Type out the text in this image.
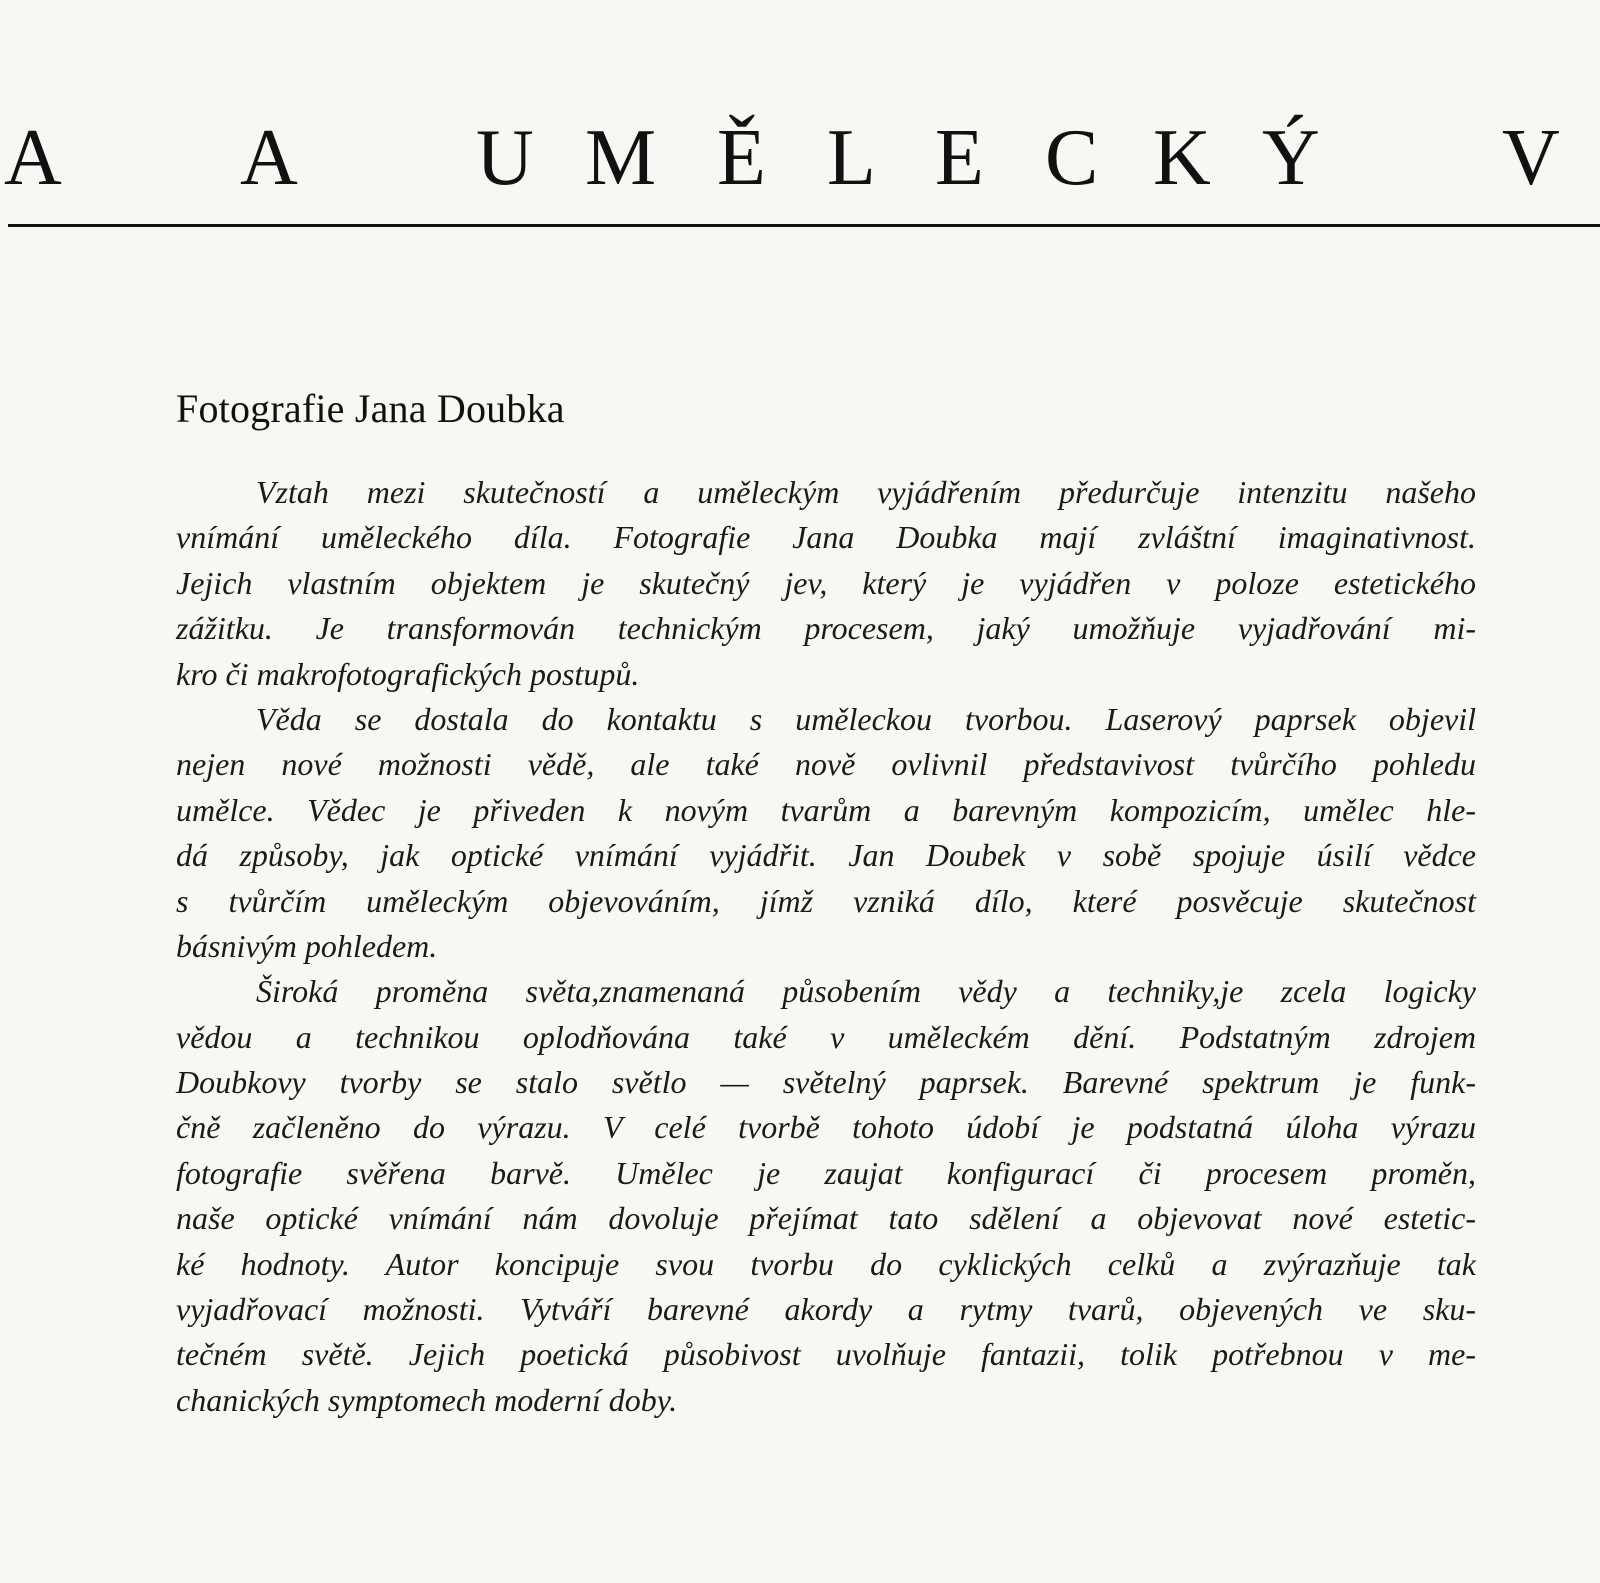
A A U M Ě L E C K Ý V
Fotografie Jana Doubka
Vztah mezi skutečností a uměleckým vyjádřením předurčuje intenzitu našeho
vnímání uměleckého díla. Fotografie Jana Doubka mají zvláštní imaginativnost.
Jejich vlastním objektem je skutečný jev, který je vyjádřen v poloze estetického
zážitku. Je transformován technickým procesem, jaký umožňuje vyjadřování mi-
kro či makrofotografických postupů.
Věda se dostala do kontaktu s uměleckou tvorbou. Laserový paprsek objevil
nejen nové možnosti vědě, ale také nově ovlivnil představivost tvůrčího pohledu
umělce. Vědec je přiveden k novým tvarům a barevným kompozicím, umělec hle-
dá způsoby, jak optické vnímání vyjádřit. Jan Doubek v sobě spojuje úsilí vědce
s tvůrčím uměleckým objevováním, jímž vzniká dílo, které posvěcuje skutečnost
básnivým pohledem.
Široká proměna světa,znamenaná působením vědy a techniky,je zcela logicky
vědou a technikou oplodňována také v uměleckém dění. Podstatným zdrojem
Doubkovy tvorby se stalo světlo — světelný paprsek. Barevné spektrum je funk-
čně začleněno do výrazu. V celé tvorbě tohoto údobí je podstatná úloha výrazu
fotografie svěřena barvě. Umělec je zaujat konfigurací či procesem proměn,
naše optické vnímání nám dovoluje přejímat tato sdělení a objevovat nové estetic-
ké hodnoty. Autor koncipuje svou tvorbu do cyklických celků a zvýrazňuje tak
vyjadřovací možnosti. Vytváří barevné akordy a rytmy tvarů, objevených ve sku-
tečném světě. Jejich poetická působivost uvolňuje fantazii, tolik potřebnou v me-
chanických symptomech moderní doby.
